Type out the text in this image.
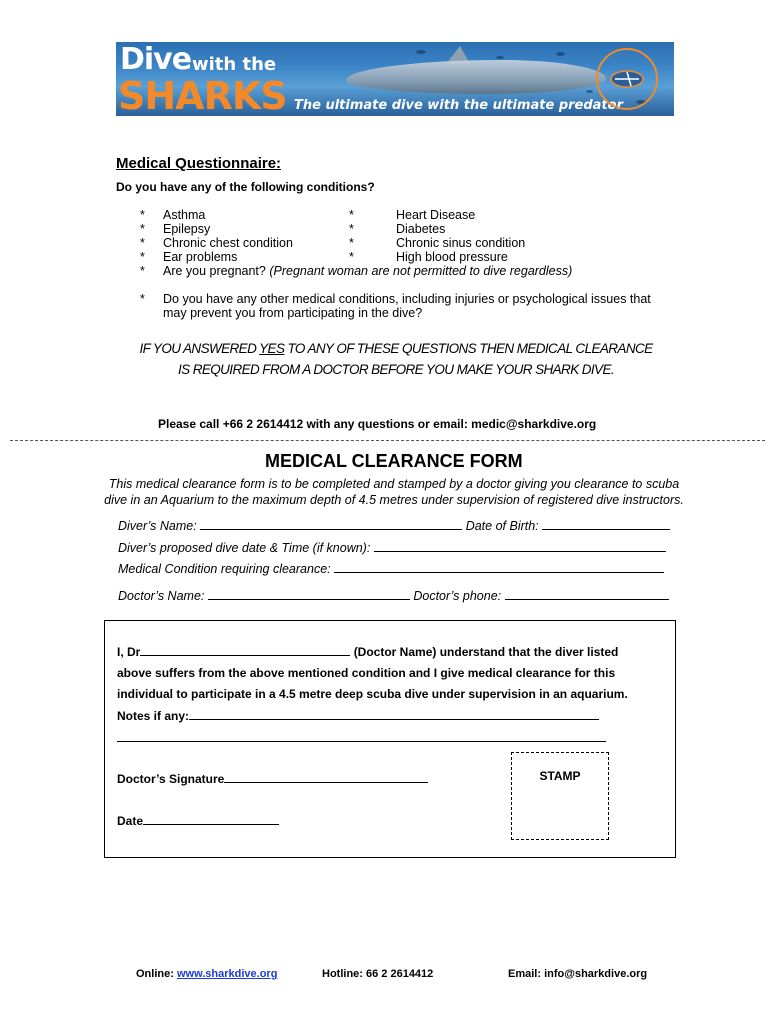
Dive with the
SHARKS The ultimate dive with the ultimate predator
Medical Questionnaire:
Do you have any of the following conditions?
*
*
*
*
*
Asthma
Epilepsy
Chronic chest condition
Ear problems
Are you pregnant? (Pregnant woman are not permitted to dive regardless)
*
*
*
*
Heart Disease
Diabetes
Chronic sinus condition
High blood pressure
* Do you have any other medical conditions, including injuries or psychological issues that
may prevent you from participating in the dive?
IF YOU ANSWERED YES TO ANY OF THESE QUESTIONS THEN MEDICAL CLEARANCE
IS REQUIRED FROM A DOCTOR BEFORE YOU MAKE YOUR SHARK DIVE.
Please call +66 2 2614412 with any questions or email: medic@sharkdive.org
MEDICAL CLEARANCE FORM
This medical clearance form is to be completed and stamped by a doctor giving you clearance to scuba
dive in an Aquarium to the maximum depth of 4.5 metres under supervision of registered dive instructors.
Diver’s Name:	Date of Birth:
Diver’s proposed dive date & Time (if known):
Medical Condition requiring clearance:
Doctor’s Name:	Doctor’s phone:
I, Dr	(Doctor Name) understand that the diver listed
above suffers from the above mentioned condition and I give medical clearance for this
individual to participate in a 4.5 metre deep scuba dive under supervision in an aquarium.
Notes if any:
Doctor’s Signature
Date
STAMP
Online: www.sharkdive.org	Hotline: 66 2 2614412	Email: info@sharkdive.org
